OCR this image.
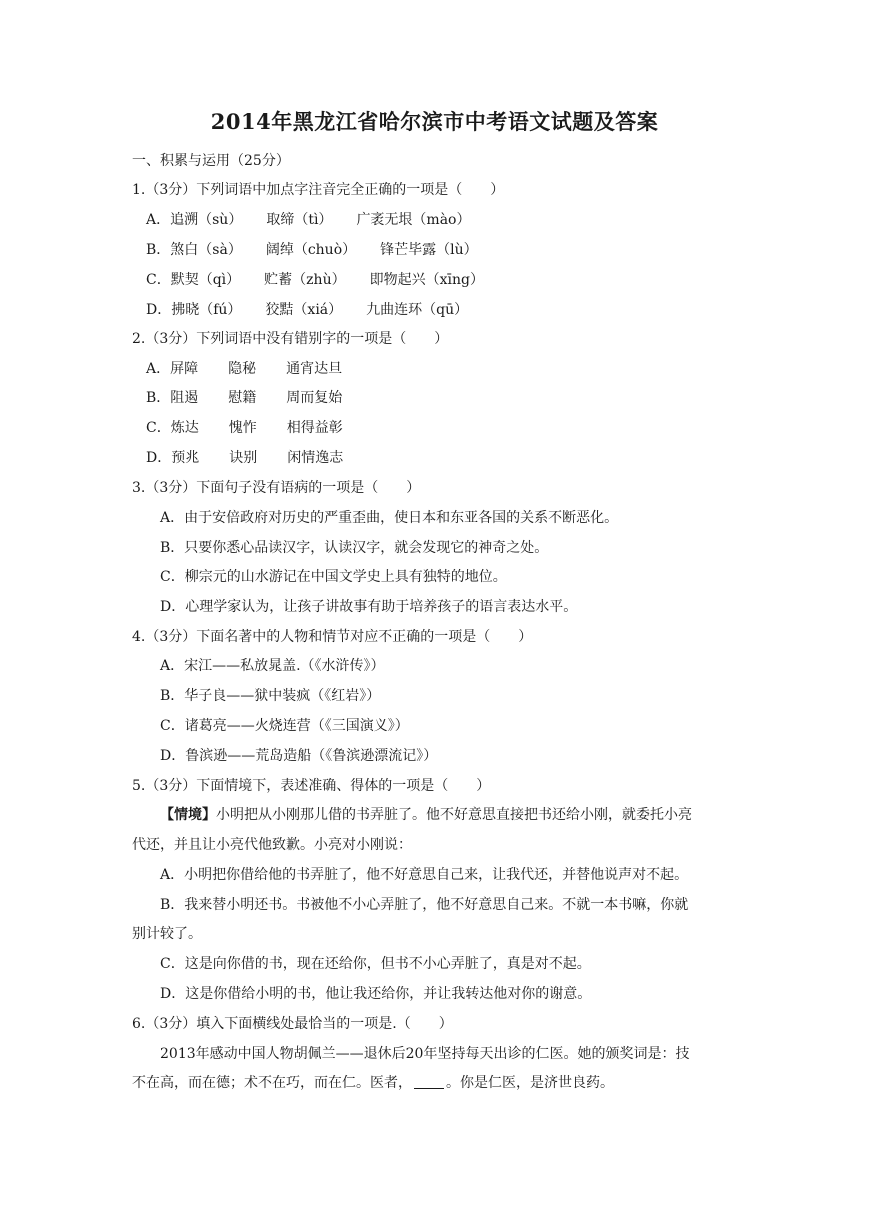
2014年黑龙江省哈尔滨市中考语文试题及答案
一、积累与运用（25分）
1.（3分）下列词语中加点字注音完全正确的一项是（　　）
A．追溯（sù） 取缔（tì） 广袤无垠（mào）
B．煞白（sà） 阔绰（chuò） 锋芒毕露（lù）
C．默契（qì） 贮蓄（zhù） 即物起兴（xīng）
D．拂晓（fú） 狡黠（xiá） 九曲连环（qū）
2.（3分）下列词语中没有错别字的一项是（　　）
A．屏障 隐秘 通宵达旦
B．阻遏 慰籍 周而复始
C．炼达 愧怍 相得益彰
D．预兆 诀别 闲情逸志
3.（3分）下面句子没有语病的一项是（　　）
A．由于安倍政府对历史的严重歪曲，使日本和东亚各国的关系不断恶化。
B．只要你悉心品读汉字，认读汉字，就会发现它的神奇之处。
C．柳宗元的山水游记在中国文学史上具有独特的地位。
D．心理学家认为，让孩子讲故事有助于培养孩子的语言表达水平。
4.（3分）下面名著中的人物和情节对应不正确的一项是（　　）
A．宋江——私放晁盖.（《水浒传》）
B．华子良——狱中装疯（《红岩》）
C．诸葛亮——火烧连营（《三国演义》）
D．鲁滨逊——荒岛造船（《鲁滨逊漂流记》）
5.（3分）下面情境下，表述准确、得体的一项是（　　）
【情境】小明把从小刚那儿借的书弄脏了。他不好意思直接把书还给小刚，就委托小亮
代还，并且让小亮代他致歉。小亮对小刚说：
A．小明把你借给他的书弄脏了，他不好意思自己来，让我代还，并替他说声对不起。
B．我来替小明还书。书被他不小心弄脏了，他不好意思自己来。不就一本书嘛，你就
别计较了。
C．这是向你借的书，现在还给你，但书不小心弄脏了，真是对不起。
D．这是你借给小明的书，他让我还给你，并让我转达他对你的谢意。
6.（3分）填入下面横线处最恰当的一项是.（　　）
2013年感动中国人物胡佩兰——退休后20年坚持每天出诊的仁医。她的颁奖词是：技
不在高，而在德；术不在巧，而在仁。医者， 。你是仁医，是济世良药。
